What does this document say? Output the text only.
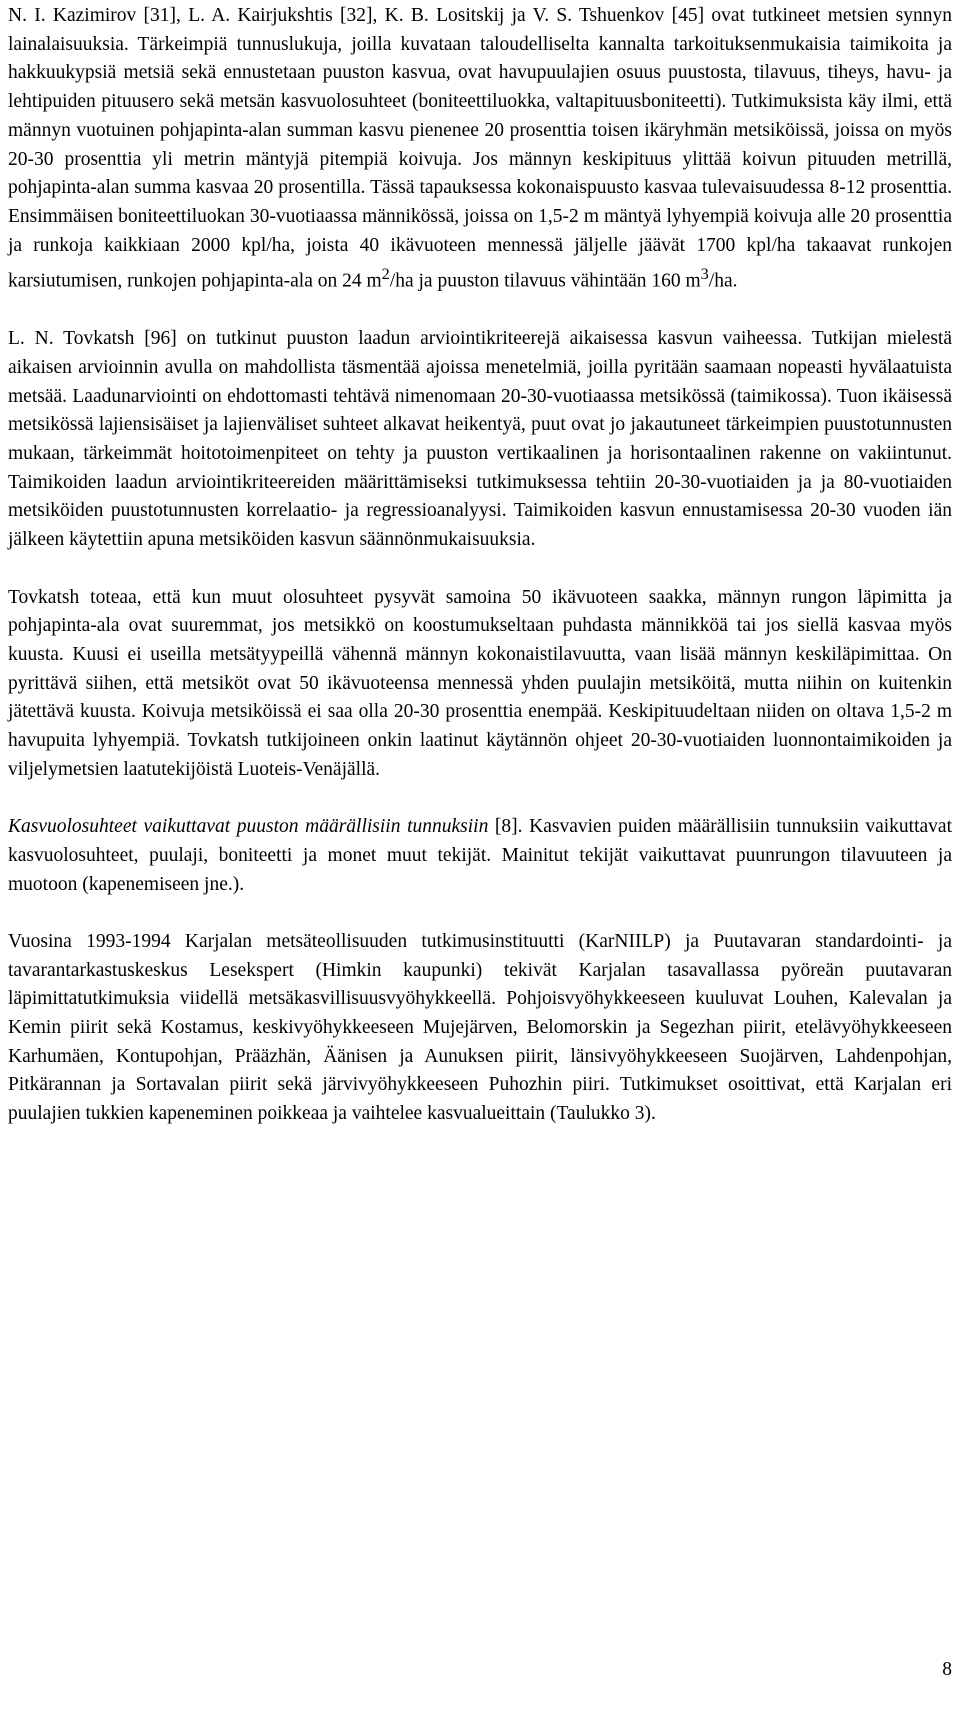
N. I. Kazimirov [31], L. A. Kairjukshtis [32], K. B. Lositskij ja V. S. Tshuenkov [45] ovat tutkineet metsien synnyn lainalaisuuksia. Tärkeimpiä tunnuslukuja, joilla kuvataan taloudelliselta kannalta tarkoituksenmukaisia taimikoita ja hakkuukypsiä metsiä sekä ennustetaan puuston kasvua, ovat havupuulajien osuus puustosta, tilavuus, tiheys, havu- ja lehtipuiden pituusero sekä metsän kasvuolosuhteet (boniteettiluokka, valtapituusboniteetti). Tutkimuksista käy ilmi, että männyn vuotuinen pohjapinta-alan summan kasvu pienenee 20 prosenttia toisen ikäryhmän metsiköissä, joissa on myös 20-30 prosenttia yli metrin mäntyjä pitempiä koivuja. Jos männyn keskipituus ylittää koivun pituuden metrillä, pohjapinta-alan summa kasvaa 20 prosentilla. Tässä tapauksessa kokonaispuusto kasvaa tulevaisuudessa 8-12 prosenttia. Ensimmäisen boniteettiluokan 30-vuotiaassa männikössä, joissa on 1,5-2 m mäntyä lyhyempiä koivuja alle 20 prosenttia ja runkoja kaikkiaan 2000 kpl/ha, joista 40 ikävuoteen mennessä jäljelle jäävät 1700 kpl/ha takaavat runkojen karsiutumisen, runkojen pohjapinta-ala on 24 $m^2/ha$ ja puuston tilavuus vähintään 160 $m^3/ha$.

L. N. Tovkatsh [96] on tutkinut puuston laadun arviointikriteerejä aikaisessa kasvun vaiheessa. Tutkijan mielestä aikaisen arvioinnin avulla on mahdollista täsmentää ajoissa menetelmiä, joilla pyritään saamaan nopeasti hyvälaatuista metsää. Laadunarviointi on ehdottomasti tehtävä nimenomaan 20-30-vuotiaassa metsikössä (taimikossa). Tuon ikäisessä metsikössä lajiensisäiset ja lajienväliset suhteet alkavat heikentyä, puut ovat jo jakautuneet tärkeimpien puustotunnusten mukaan, tärkeimmät hoitotoimenpiteet on tehty ja puuston vertikaalinen ja horisontaalinen rakenne on vakiintunut. Taimikoiden laadun arviointikriteereiden määrittämiseksi tutkimuksessa tehtiin 20-30-vuotiaiden ja ja 80-vuotiaiden metsiköiden puustotunnusten korrelaatio- ja regressioanalyysi. Taimikoiden kasvun ennustamisessa 20-30 vuoden iän jälkeen käytettiin apuna metsiköiden kasvun säännönmukaisuuksia.

Tovkatsh toteaa, että kun muut olosuhteet pysyvät samoina 50 ikävuoteen saakka, männyn rungon läpimitta ja pohjapinta-ala ovat suuremmat, jos metsikkö on koostumukseltaan puhdasta männikköä tai jos siellä kasvaa myös kuusta. Kuusi ei useilla metsätyypeillä vähennä männyn kokonaistilavuutta, vaan lisää männyn keskiläpimittaa. On pyrittävä siihen, että metsiköt ovat 50 ikävuoteensa mennessä yhden puulajin metsiköitä, mutta niihin on kuitenkin jätettävä kuusta. Koivuja metsiköissä ei saa olla 20-30 prosenttia enempää. Keskipituudeltaan niiden on oltava 1,5-2 m havupuita lyhyempiä. Tovkatsh tutkijoineen onkin laatinut käytännön ohjeet 20-30-vuotiaiden luonnontaimikoiden ja viljelymetsien laatutekijöistä Luoteis-Venäjällä.

Kasvuolosuhteet vaikuttavat puuston määrällisiin tunnuksiin [8]. Kasvavien puiden määrällisiin tunnuksiin vaikuttavat kasvuolosuhteet, puulaji, boniteetti ja monet muut tekijät. Mainitut tekijät vaikuttavat puunrungon tilavuuteen ja muotoon (kapenemiseen jne.).

Vuosina 1993-1994 Karjalan metsäteollisuuden tutkimusinstituutti (KarNIILP) ja Puutavaran standardointi- ja tavarantarkastuskeskus Lesekspert (Himkin kaupunki) tekivät Karjalan tasavallassa pyöreän puutavaran läpimittatutkimuksia viidellä metsäkasvillisuusvyöhykkeellä. Pohjoisvyöhykkeeseen kuuluvat Louhen, Kalevalan ja Kemin piirit sekä Kostamus, keskivyöhykkeeseen Mujejärven, Belomorskin ja Segezhan piirit, etelävyöhykkeeseen Karhumäen, Kontupohjan, Prääzhän, Äänisen ja Aunuksen piirit, länsivyöhykkeeseen Suojärven, Lahdenpohjan, Pitkärannan ja Sortavalan piirit sekä järvivyöhykkeeseen Puhozhin piiri. Tutkimukset osoittivat, että Karjalan eri puulajien tukkien kapeneminen poikkeaa ja vaihtelee kasvualueittain (Taulukko 3).

8
